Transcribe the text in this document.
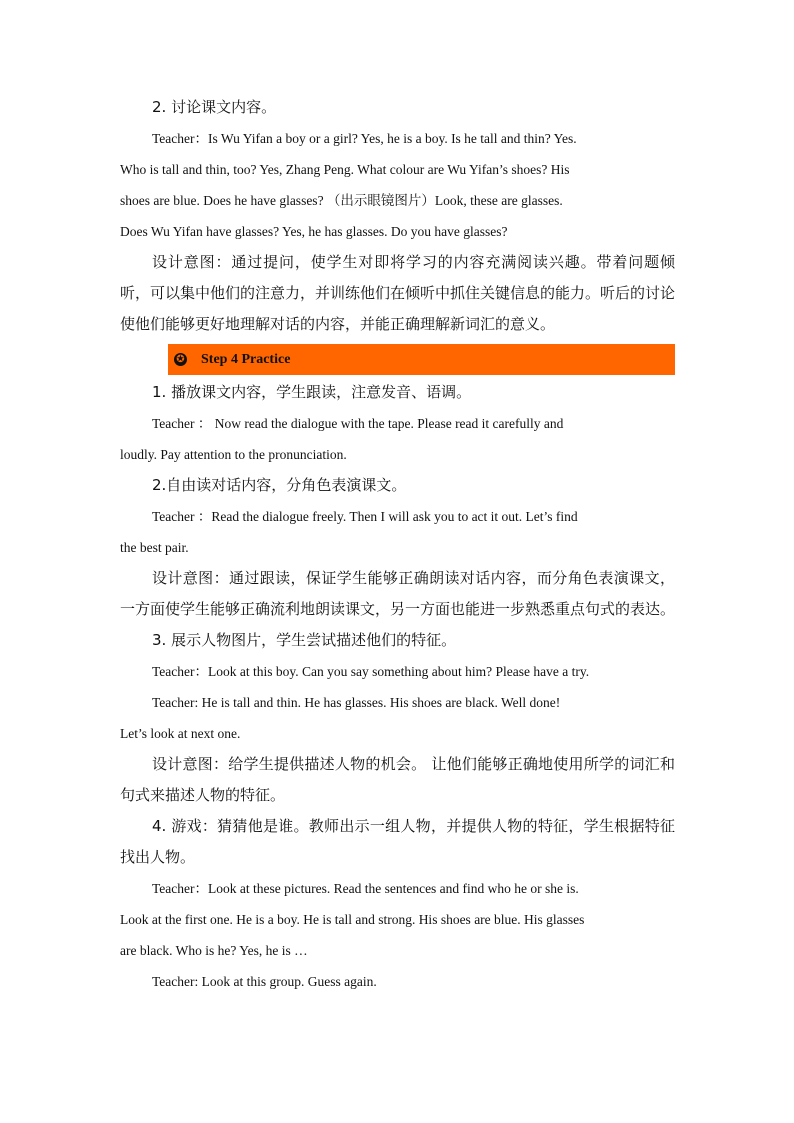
2. 讨论课文内容。

Teacher：Is Wu Yifan a boy or a girl? Yes, he is a boy. Is he tall and thin? Yes.

Who is tall and thin, too? Yes, Zhang Peng. What colour are Wu Yifan’s shoes? His

shoes are blue. Does he have glasses? （出示眼镜图片）Look, these are glasses.

Does Wu Yifan have glasses? Yes, he has glasses. Do you have glasses?

设计意图：通过提问，使学生对即将学习的内容充满阅读兴趣。带着问题倾听，可以集中他们的注意力，并训练他们在倾听中抓住关键信息的能力。听后的讨论使他们能够更好地理解对话的内容，并能正确理解新词汇的意义。

✪ Step 4 Practice

1. 播放课文内容，学生跟读，注意发音、语调。

Teacher ： Now read the dialogue with the tape. Please read it carefully and

loudly. Pay attention to the pronunciation.

2.自由读对话内容，分角色表演课文。

Teacher ：Read the dialogue freely. Then I will ask you to act it out. Let’s find

the best pair.

设计意图：通过跟读，保证学生能够正确朗读对话内容，而分角色表演课文，一方面使学生能够正确流利地朗读课文，另一方面也能进一步熟悉重点句式的表达。

3. 展示人物图片，学生尝试描述他们的特征。

Teacher：Look at this boy. Can you say something about him? Please have a try.

Teacher: He is tall and thin. He has glasses. His shoes are black. Well done!

Let’s look at next one.

设计意图：给学生提供描述人物的机会。 让他们能够正确地使用所学的词汇和句式来描述人物的特征。

4. 游戏：猜猜他是谁。教师出示一组人物，并提供人物的特征，学生根据特征找出人物。

Teacher：Look at these pictures. Read the sentences and find who he or she is.

Look at the first one. He is a boy. He is tall and strong. His shoes are blue. His glasses

are black. Who is he? Yes, he is …

Teacher: Look at this group. Guess again.
